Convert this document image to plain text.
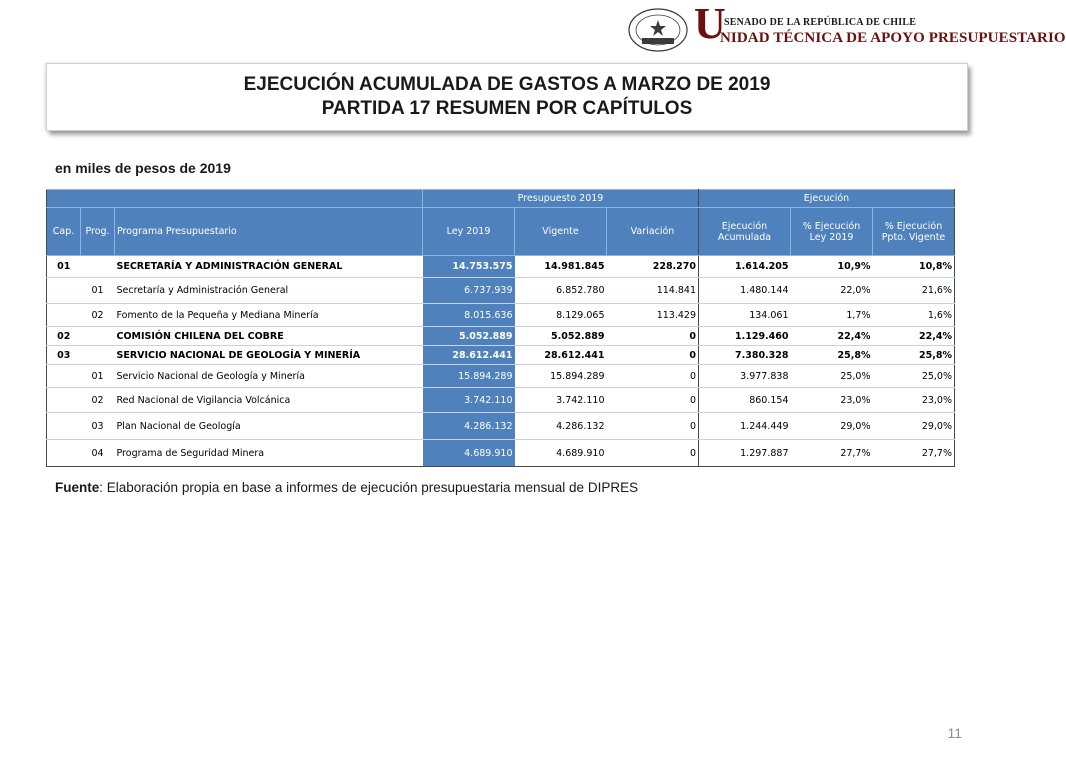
U
SENADO DE LA REPÚBLICA DE CHILE
NIDAD TÉCNICA DE APOYO PRESUPUESTARIO
EJECUCIÓN ACUMULADA DE GASTOS A MARZO DE 2019
PARTIDA 17 RESUMEN POR CAPÍTULOS
en miles de pesos de 2019
			Presupuesto 2019			Ejecución		
Cap.	Prog.	Programa Presupuestario	Ley 2019	Vigente	Variación	Ejecución Acumulada	% Ejecución Ley 2019	% Ejecución Ppto. Vigente
01		SECRETARÍA Y ADMINISTRACIÓN GENERAL	14.753.575	14.981.845	228.270	1.614.205	10,9%	10,8%
	01	Secretaría y Administración General	6.737.939	6.852.780	114.841	1.480.144	22,0%	21,6%
	02	Fomento de la Pequeña y Mediana Minería	8.015.636	8.129.065	113.429	134.061	1,7%	1,6%
02		COMISIÓN CHILENA DEL COBRE	5.052.889	5.052.889	0	1.129.460	22,4%	22,4%
03		SERVICIO NACIONAL DE GEOLOGÍA Y MINERÍA	28.612.441	28.612.441	0	7.380.328	25,8%	25,8%
	01	Servicio Nacional de Geología y Minería	15.894.289	15.894.289	0	3.977.838	25,0%	25,0%
	02	Red Nacional de Vigilancia Volcánica	3.742.110	3.742.110	0	860.154	23,0%	23,0%
	03	Plan Nacional de Geología	4.286.132	4.286.132	0	1.244.449	29,0%	29,0%
	04	Programa de Seguridad Minera	4.689.910	4.689.910	0	1.297.887	27,7%	27,7%
Fuente: Elaboración propia en base a informes de ejecución presupuestaria mensual de DIPRES
11
